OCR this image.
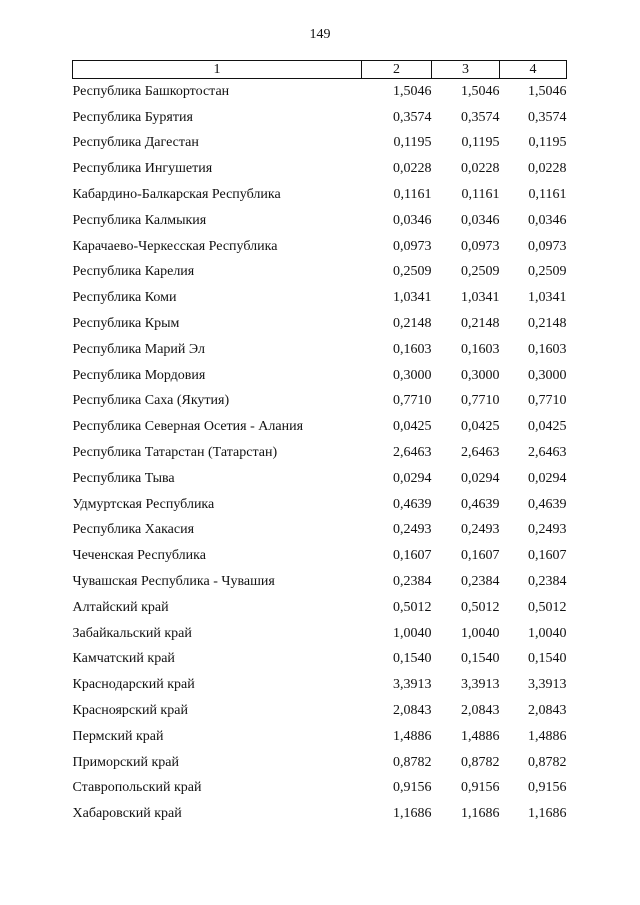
149
1	2	3	4
Республика Башкортостан	1,5046	1,5046	1,5046
Республика Бурятия	0,3574	0,3574	0,3574
Республика Дагестан	0,1195	0,1195	0,1195
Республика Ингушетия	0,0228	0,0228	0,0228
Кабардино-Балкарская Республика	0,1161	0,1161	0,1161
Республика Калмыкия	0,0346	0,0346	0,0346
Карачаево-Черкесская Республика	0,0973	0,0973	0,0973
Республика Карелия	0,2509	0,2509	0,2509
Республика Коми	1,0341	1,0341	1,0341
Республика Крым	0,2148	0,2148	0,2148
Республика Марий Эл	0,1603	0,1603	0,1603
Республика Мордовия	0,3000	0,3000	0,3000
Республика Саха (Якутия)	0,7710	0,7710	0,7710
Республика Северная Осетия - Алания	0,0425	0,0425	0,0425
Республика Татарстан (Татарстан)	2,6463	2,6463	2,6463
Республика Тыва	0,0294	0,0294	0,0294
Удмуртская Республика	0,4639	0,4639	0,4639
Республика Хакасия	0,2493	0,2493	0,2493
Чеченская Республика	0,1607	0,1607	0,1607
Чувашская Республика - Чувашия	0,2384	0,2384	0,2384
Алтайский край	0,5012	0,5012	0,5012
Забайкальский край	1,0040	1,0040	1,0040
Камчатский край	0,1540	0,1540	0,1540
Краснодарский край	3,3913	3,3913	3,3913
Красноярский край	2,0843	2,0843	2,0843
Пермский край	1,4886	1,4886	1,4886
Приморский край	0,8782	0,8782	0,8782
Ставропольский край	0,9156	0,9156	0,9156
Хабаровский край	1,1686	1,1686	1,1686
